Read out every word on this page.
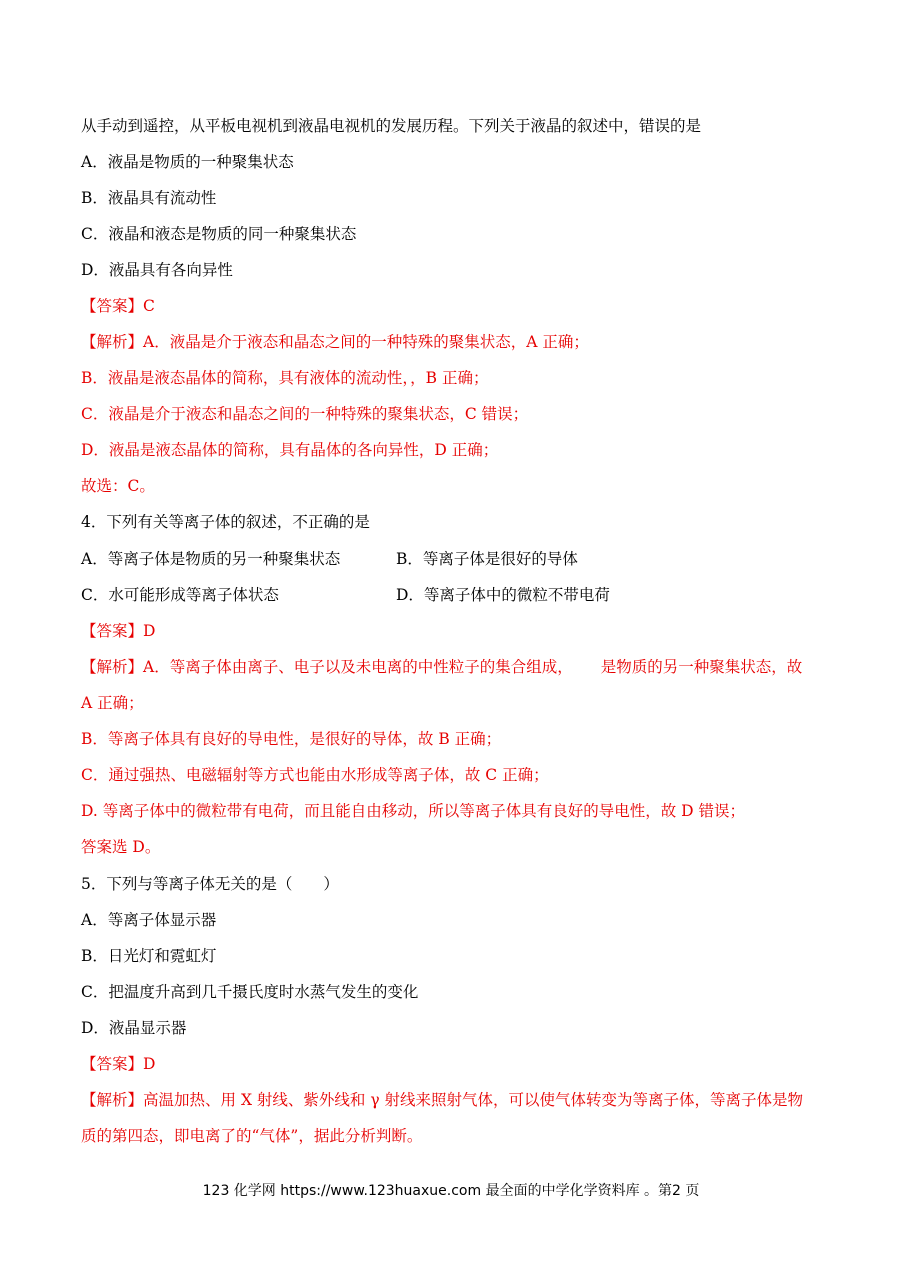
从手动到遥控，从平板电视机到液晶电视机的发展历程。下列关于液晶的叙述中，错误的是

A．液晶是物质的一种聚集状态

B．液晶具有流动性

C．液晶和液态是物质的同一种聚集状态

D．液晶具有各向异性

【答案】C

【解析】A．液晶是介于液态和晶态之间的一种特殊的聚集状态，A 正确；

B．液晶是液态晶体的简称，具有液体的流动性，，B 正确；

C．液晶是介于液态和晶态之间的一种特殊的聚集状态，C 错误；

D．液晶是液态晶体的简称，具有晶体的各向异性，D 正确；

故选：C。

4．下列有关等离子体的叙述，不正确的是

A．等离子体是物质的另一种聚集状态	B．等离子体是很好的导体
C．水可能形成等离子体状态	D．等离子体中的微粒不带电荷

【答案】D

【解析】A．等离子体由离子、电子以及未电离的中性粒子的集合组成， 是物质的另一种聚集状态，故

A 正确；

B．等离子体具有良好的导电性，是很好的导体，故 B 正确；

C．通过强热、电磁辐射等方式也能由水形成等离子体，故 C 正确；

D. 等离子体中的微粒带有电荷，而且能自由移动，所以等离子体具有良好的导电性，故 D 错误；

答案选 D。

5．下列与等离子体无关的是（　　）

A．等离子体显示器

B．日光灯和霓虹灯

C．把温度升高到几千摄氏度时水蒸气发生的变化

D．液晶显示器

【答案】D

【解析】高温加热、用 X 射线、紫外线和 γ 射线来照射气体，可以使气体转变为等离子体，等离子体是物

质的第四态，即电离了的“气体”，据此分析判断。

123 化学网 https://www.123huaxue.com 最全面的中学化学资料库 。第2 页
